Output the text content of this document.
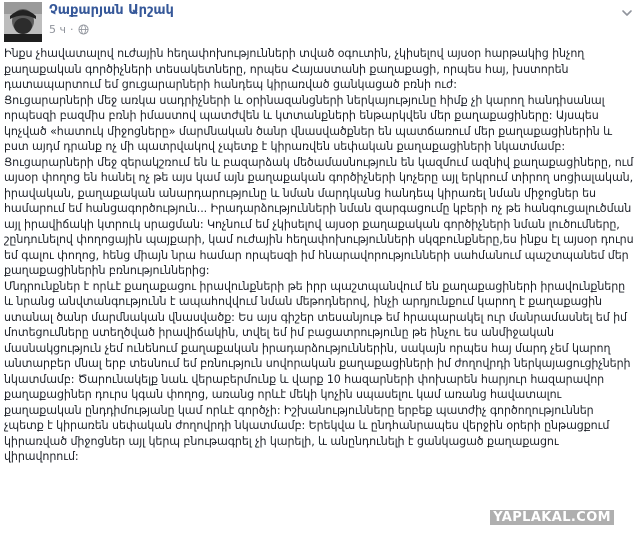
Չաքարյան Արշակ
5 ч ·
Ինքս չհավատալով ուժային հեղափոխությունների տված օգուտին, չկիսելով այսօր հարթակից ինչող քաղաքական գործիչների տեսակետները, որպես Հայաստանի քաղաքացի, որպես հայ, խստորեն դատապարտում եմ ցուցարարների հանդեպ կիրառված ցանկացած բռնի ուժ:
Ցուցարարների մեջ առկա սադրիչների և օրինազանցների ներկայությունը հիմք չի կարող հանդիսանալ որպեսզի բազմիս բռնի իմաստով պատժվեն և կտտանքների ենթարկվեն մեր քաղաքացիները: Այսպես կոչված «հատուկ միջոցները» մարմնական ծանր վնասվածքներ են պատճառում մեր քաղաքացիներին և բստ այդմ դրանք ոչ մի պատրվակով չպետք է կիրառվեն սեփական քաղաքացիների նկատմամբ: Ցուցարարների մեջ զերակշռում են և բազարձակ մեծամասնություն են կազմում ազնիվ քաղաքացիները, ում այսօր փողոց են հանել ոչ թե այս կամ այն քաղաքական գործիչների կոչերը այլ երկրում տիրող սոցիալական, իրավական, քաղաքական անարդարությունը և նման մարդկանց հանդեպ կիրառել նման միջոցներ ես համարում եմ հանցագործություն... Իրադարձությունների նման զարգացումը կբերի ոչ թե հանգուցալուծման այլ իրավիճակի կտրուկ սրացման: Կոչնում եմ չկիսելով այսօր քաղաքական գործիչների նման լուծումները, շընդունելով փողոցային պայքարի, կամ ուժային հեղափոխությունների սկզբունքները,ես ինքս էլ այսօր դուրս եմ գալու փողոց, հենց միայն նրա համար որպեսզի իմ հնարավորությունների սահմանում պաշտպանեմ մեր քաղաքացիներին բռնություններից:
Մնդրունքներ է որևէ քաղաքացու իրավունքների թե իրր պաշտպանվում են քաղաքացիների իրավունքները և նրանց անվտանգությունն է ապահովվում նման մեթոդներով, ինչի արդյունքում կարող է քաղաքացին ստանալ ծանր մարմնական վնասվածք: Ես այս գիշեր տեսանյութ եմ հրապարակել ուր մանրամասնել եմ իմ մոտեցումները ստեղծված իրավիճակին, տվել եմ իմ բացատրությունը թե ինչու ես անմիջական մասնակցություն չեմ ունենում քաղաքական իրադարձություններին, սակայն որպես հայ մարդ չեմ կարող անտարբեր մնալ երբ տեսնում եմ բռնություն սովորական քաղաքացիների իմ ժողովրդի ներկայացուցիչների նկատմամբ: Ծարունակելք նաև վերաբերմունք և վարք 10 հազարների փոխարեն հարյուր հազարավոր քաղաքացիներ դուրս կգան փողոց, առանց որևէ մեկի կոչին սպասելու կամ առանց հավատալու քաղաքական ընդդիմությանը կամ որևէ գործչի: Իշխանությունները երբեք պատժիչ գործողություններ չպետք է կիրառեն սեփական ժողովրդի նկատմամբ: Երեկվա և ընդհանրապես վերջին օրերի ընթացքում կիրառված միջոցներ այլ կերպ բնութագրել չի կարելի, և անընդունելի է ցանկացած քաղաքացու վիրավորում:
YAPLAKAL.COM
